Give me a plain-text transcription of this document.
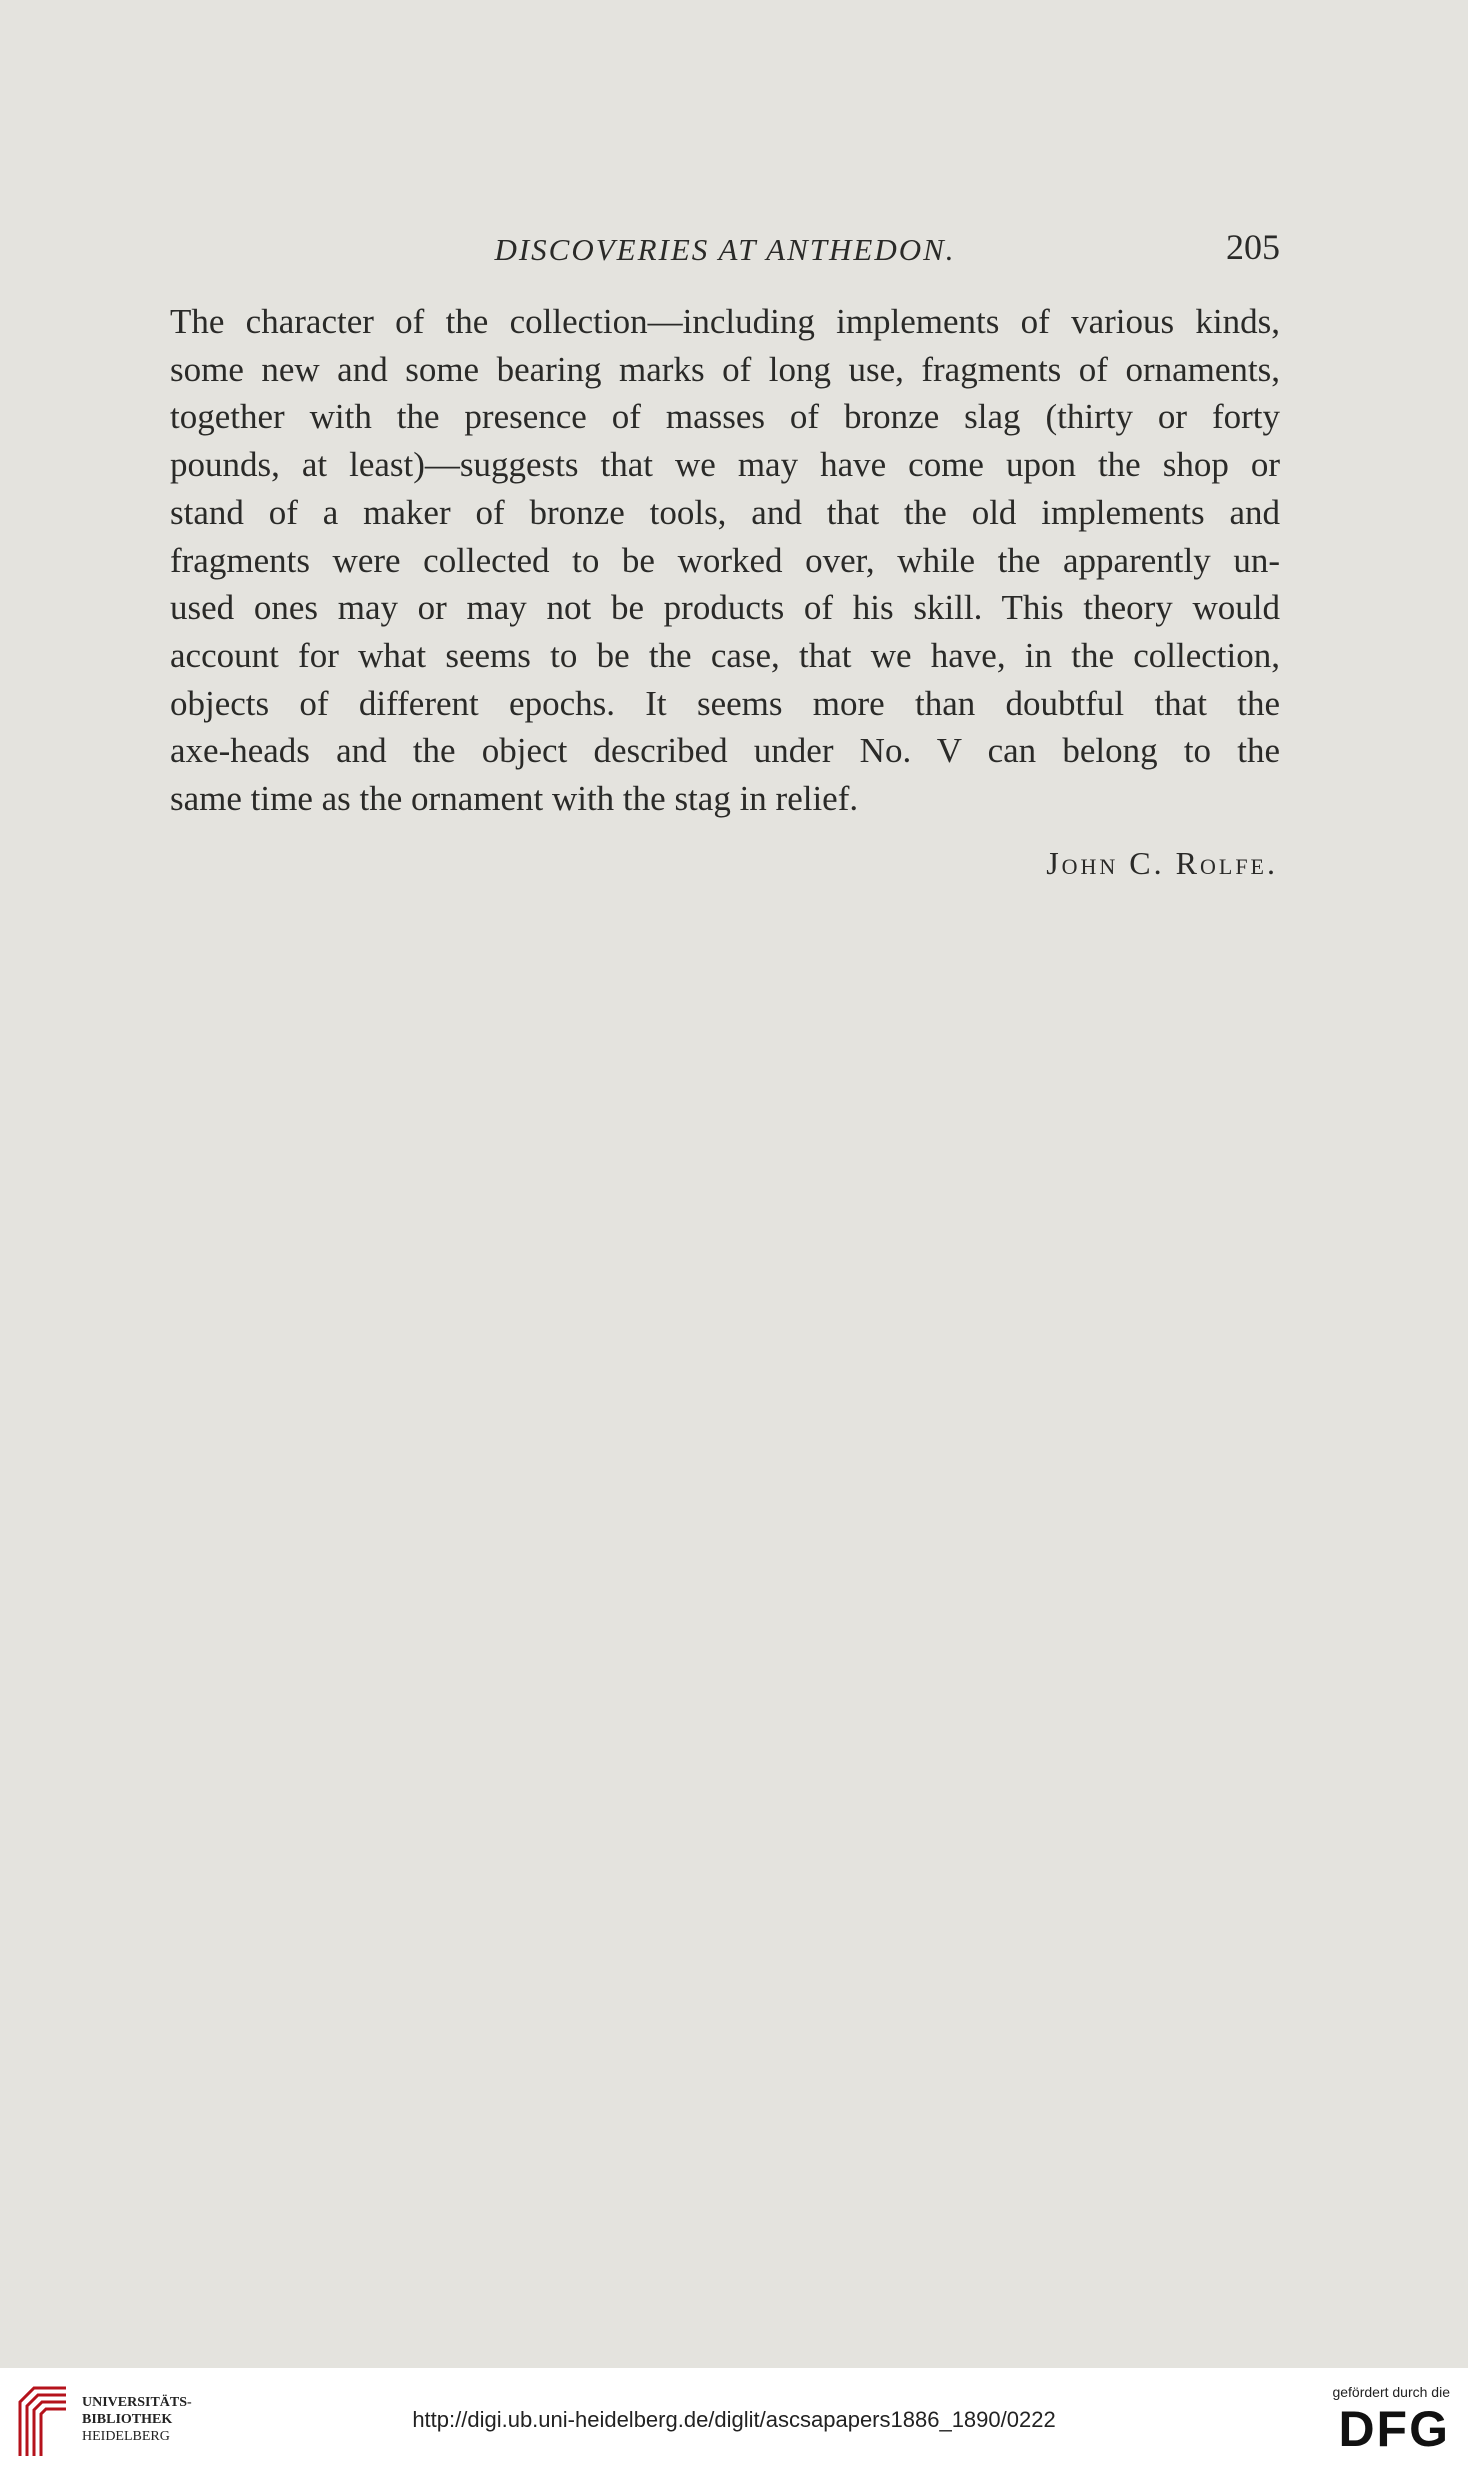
DISCOVERIES AT ANTHEDON.	205

The character of the collection—including implements of various kinds,
some new and some bearing marks of long use, fragments of ornaments,
together with the presence of masses of bronze slag (thirty or forty
pounds, at least)—suggests that we may have come upon the shop or
stand of a maker of bronze tools, and that the old implements and
fragments were collected to be worked over, while the apparently un-
used ones may or may not be products of his skill. This theory would
account for what seems to be the case, that we have, in the collection,
objects of different epochs. It seems more than doubtful that the
axe-heads and the object described under No. V can belong to the
same time as the ornament with the stag in relief.

John C. Rolfe.
UNIVERSITÄTS-
BIBLIOTHEK
HEIDELBERG
http://digi.ub.uni-heidelberg.de/diglit/ascsapapers1886_1890/0222
gefördert durch die
DFG
